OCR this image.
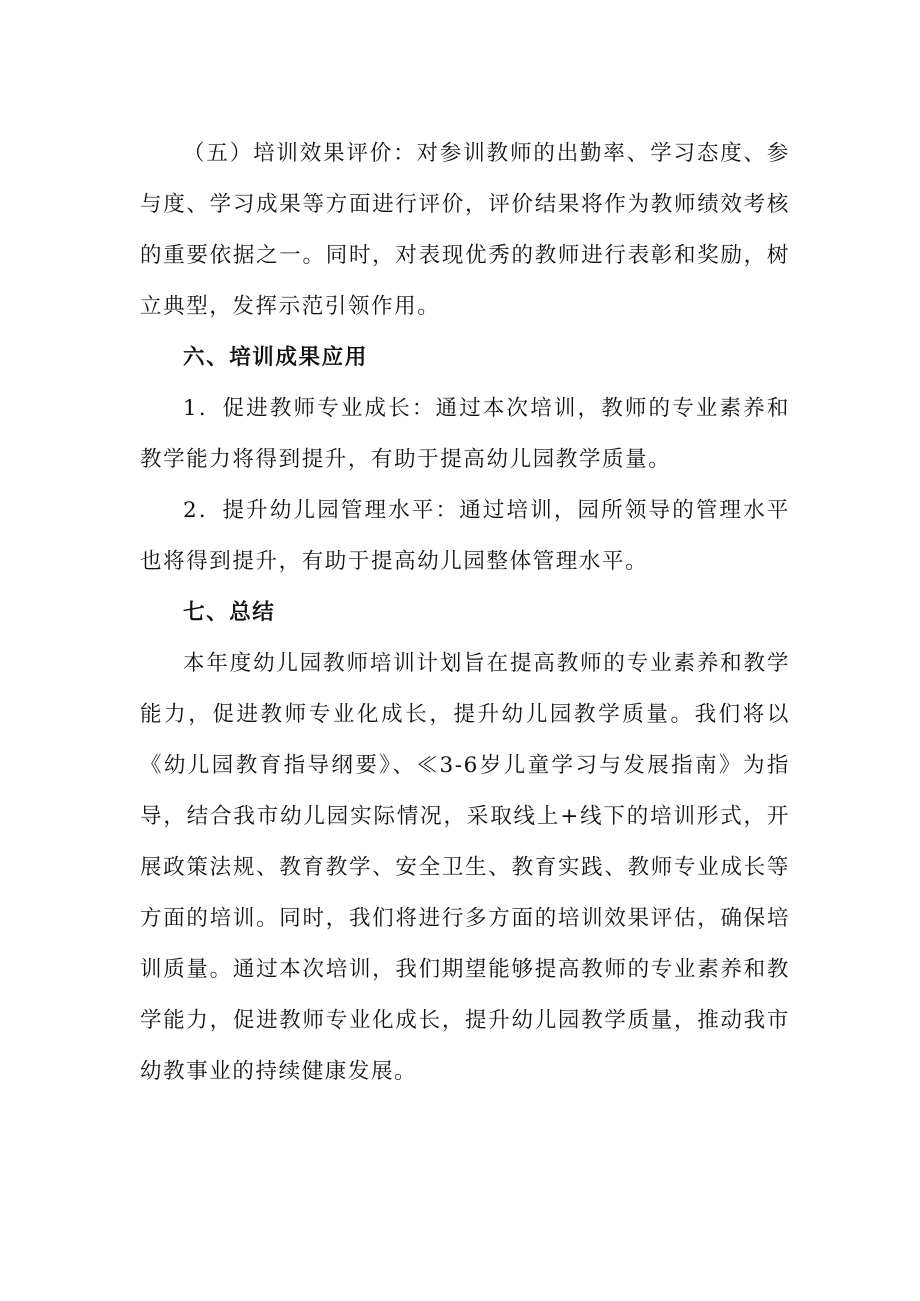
（五）培训效果评价：对参训教师的出勤率、学习态度、参与度、学习成果等方面进行评价，评价结果将作为教师绩效考核的重要依据之一。同时，对表现优秀的教师进行表彰和奖励，树立典型，发挥示范引领作用。

六、培训成果应用

1．促进教师专业成长：通过本次培训，教师的专业素养和教学能力将得到提升，有助于提高幼儿园教学质量。

2．提升幼儿园管理水平：通过培训，园所领导的管理水平也将得到提升，有助于提高幼儿园整体管理水平。

七、总结

本年度幼儿园教师培训计划旨在提高教师的专业素养和教学能力，促进教师专业化成长，提升幼儿园教学质量。我们将以《幼儿园教育指导纲要》、≪3-6岁儿童学习与发展指南》为指导，结合我市幼儿园实际情况，采取线上+线下的培训形式，开展政策法规、教育教学、安全卫生、教育实践、教师专业成长等方面的培训。同时，我们将进行多方面的培训效果评估，确保培训质量。通过本次培训，我们期望能够提高教师的专业素养和教学能力，促进教师专业化成长，提升幼儿园教学质量，推动我市幼教事业的持续健康发展。
